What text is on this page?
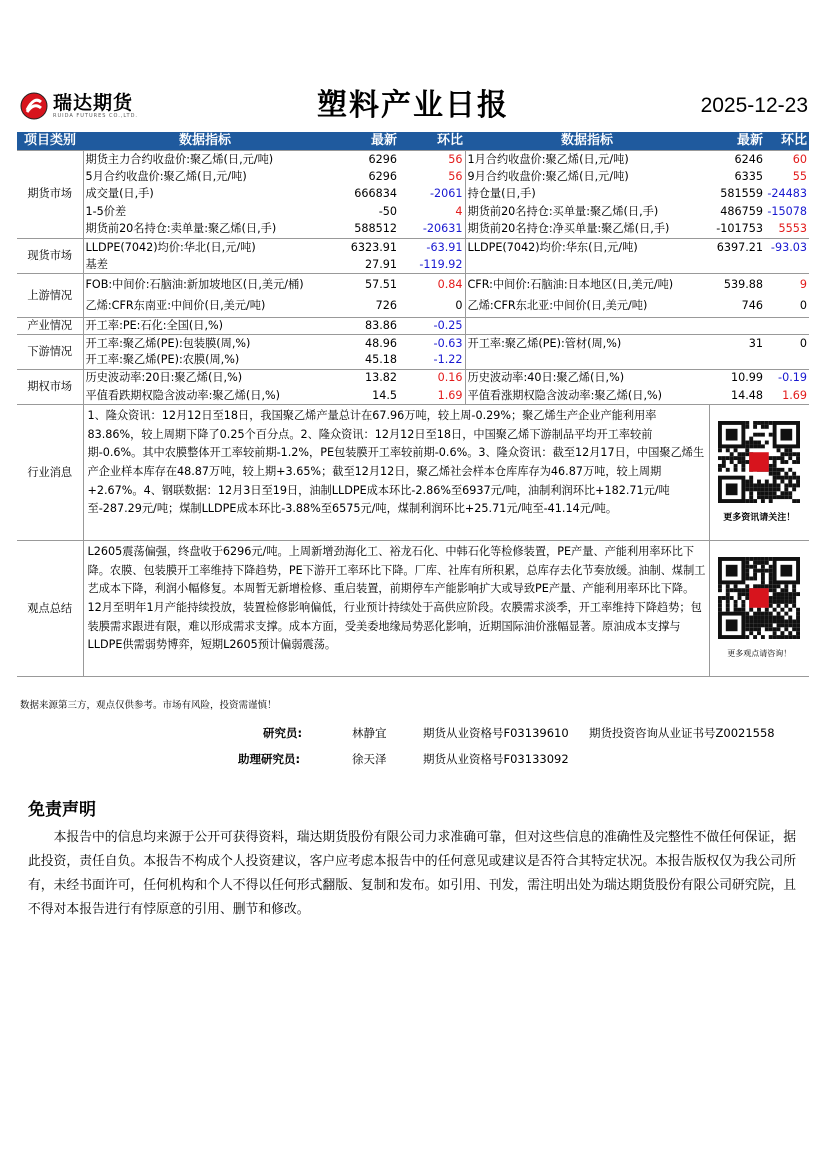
瑞达期货
RUIDA FUTURES CO.,LTD.	塑料产业日报	2025-12-23
项目类别	数据指标	最新	环比	数据指标	最新	环比
期货市场	期货主力合约收盘价:聚乙烯(日,元/吨)	6296	56	1月合约收盘价:聚乙烯(日,元/吨)	6246	60
	5月合约收盘价:聚乙烯(日,元/吨)	6296	56	9月合约收盘价:聚乙烯(日,元/吨)	6335	55
	成交量(日,手)	666834	-2061	持仓量(日,手)	581559	-24483
	1-5价差	-50	4	期货前20名持仓:买单量:聚乙烯(日,手)	486759	-15078
	期货前20名持仓:卖单量:聚乙烯(日,手)	588512	-20631	期货前20名持仓:净买单量:聚乙烯(日,手)	-101753	5553
现货市场	LLDPE(7042)均价:华北(日,元/吨)	6323.91	-63.91	LLDPE(7042)均价:华东(日,元/吨)	6397.21	-93.03
	基差	27.91	-119.92			
上游情况	FOB:中间价:石脑油:新加坡地区(日,美元/桶)	57.51	0.84	CFR:中间价:石脑油:日本地区(日,美元/吨)	539.88	9
	乙烯:CFR东南亚:中间价(日,美元/吨)	726	0	乙烯:CFR东北亚:中间价(日,美元/吨)	746	0
产业情况	开工率:PE:石化:全国(日,%)	83.86	-0.25			
下游情况	开工率:聚乙烯(PE):包装膜(周,%)	48.96	-0.63	开工率:聚乙烯(PE):管材(周,%)	31	0
	开工率:聚乙烯(PE):农膜(周,%)	45.18	-1.22			
期权市场	历史波动率:20日:聚乙烯(日,%)	13.82	0.16	历史波动率:40日:聚乙烯(日,%)	10.99	-0.19
	平值看跌期权隐含波动率:聚乙烯(日,%)	14.5	1.69	平值看涨期权隐含波动率:聚乙烯(日,%)	14.48	1.69
行业消息	1、隆众资讯：12月12日至18日，我国聚乙烯产量总计在67.96万吨，较上周-0.29%；聚乙烯生产企业产能利用率83.86%，较上周期下降了0.25个百分点。2、隆众资讯：12月12日至18日，中国聚乙烯下游制品平均开工率较前期-0.6%。其中农膜整体开工率较前期-1.2%，PE包装膜开工率较前期-0.6%。3、隆众资讯：截至12月17日，中国聚乙烯生产企业样本库存在48.87万吨，较上期+3.65%；截至12月12日，聚乙烯社会样本仓库库存为46.87万吨，较上周期+2.67%。4、钢联数据：12月3日至19日，油制LLDPE成本环比-2.86%至6937元/吨，油制利润环比+182.71元/吨至-287.29元/吨；煤制LLDPE成本环比-3.88%至6575元/吨，煤制利润环比+25.71元/吨至-41.14元/吨。				更多资讯请关注！	

观点总结	L2605震荡偏强，终盘收于6296元/吨。上周新增劲海化工、裕龙石化、中韩石化等检修装置，PE产量、产能利用率环比下降。农膜、包装膜开工率维持下降趋势，PE下游开工率环比下降。厂库、社库有所积累，总库存去化节奏放缓。油制、煤制工艺成本下降，利润小幅修复。本周暂无新增检修、重启装置，前期停车产能影响扩大或导致PE产量、产能利用率环比下降。12月至明年1月产能持续投放，装置检修影响偏低，行业预计持续处于高供应阶段。农膜需求淡季，开工率维持下降趋势；包装膜需求跟进有限，难以形成需求支撑。成本方面，受美委地缘局势恶化影响，近期国际油价涨幅显著。原油成本支撑与LLDPE供需弱势博弈，短期L2605预计偏弱震荡。				更多观点请咨询！	
数据来源第三方，观点仅供参考。市场有风险，投资需谨慎！
研究员:	林静宜	期货从业资格号F03139610 期货投资咨询从业证书号Z0021558
助理研究员:	徐天泽	期货从业资格号F03133092
免责声明
本报告中的信息均来源于公开可获得资料，瑞达期货股份有限公司力求准确可靠，但对这些信息的准确性及完整性不做任何保证，据此投资，责任自负。本报告不构成个人投资建议，客户应考虑本报告中的任何意见或建议是否符合其特定状况。本报告版权仅为我公司所有，未经书面许可，任何机构和个人不得以任何形式翻版、复制和发布。如引用、刊发，需注明出处为瑞达期货股份有限公司研究院，且不得对本报告进行有悖原意的引用、删节和修改。
